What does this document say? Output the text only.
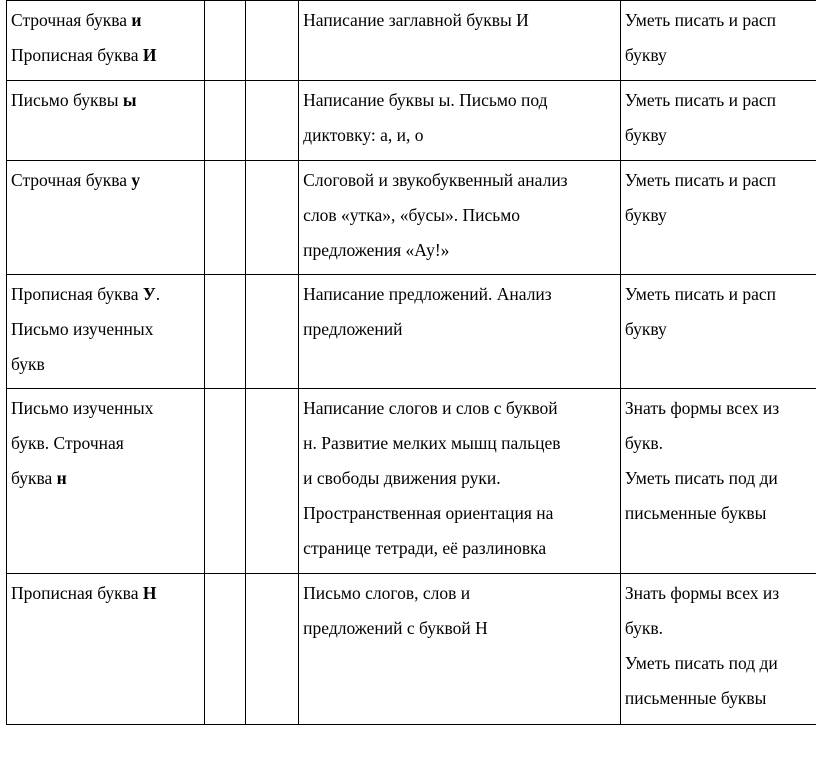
Строчная буква и
Прописная буква И			Написание заглавной буквы И	Уметь писать и расп
букву

Письмо буквы ы			Написание буквы ы. Письмо под
диктовку: а, и, о	Уметь писать и расп
букву

Строчная буква у			Слоговой и звукобуквенный анализ
слов «утка», «бусы». Письмо
предложения «Ау!»	Уметь писать и расп
букву

Прописная буква У.
Письмо изученных
букв			Написание предложений. Анализ
предложений	Уметь писать и расп
букву

Письмо изученных
букв. Строчная
буква н			Написание слогов и слов с буквой
н. Развитие мелких мышц пальцев
и свободы движения руки.
Пространственная ориентация на
странице тетради, её разлиновка	Знать формы всех из
букв.
Уметь писать под ди
письменные буквы

Прописная буква Н			Письмо слогов, слов и
предложений с буквой Н	Знать формы всех из
букв.
Уметь писать под ди
письменные буквы
